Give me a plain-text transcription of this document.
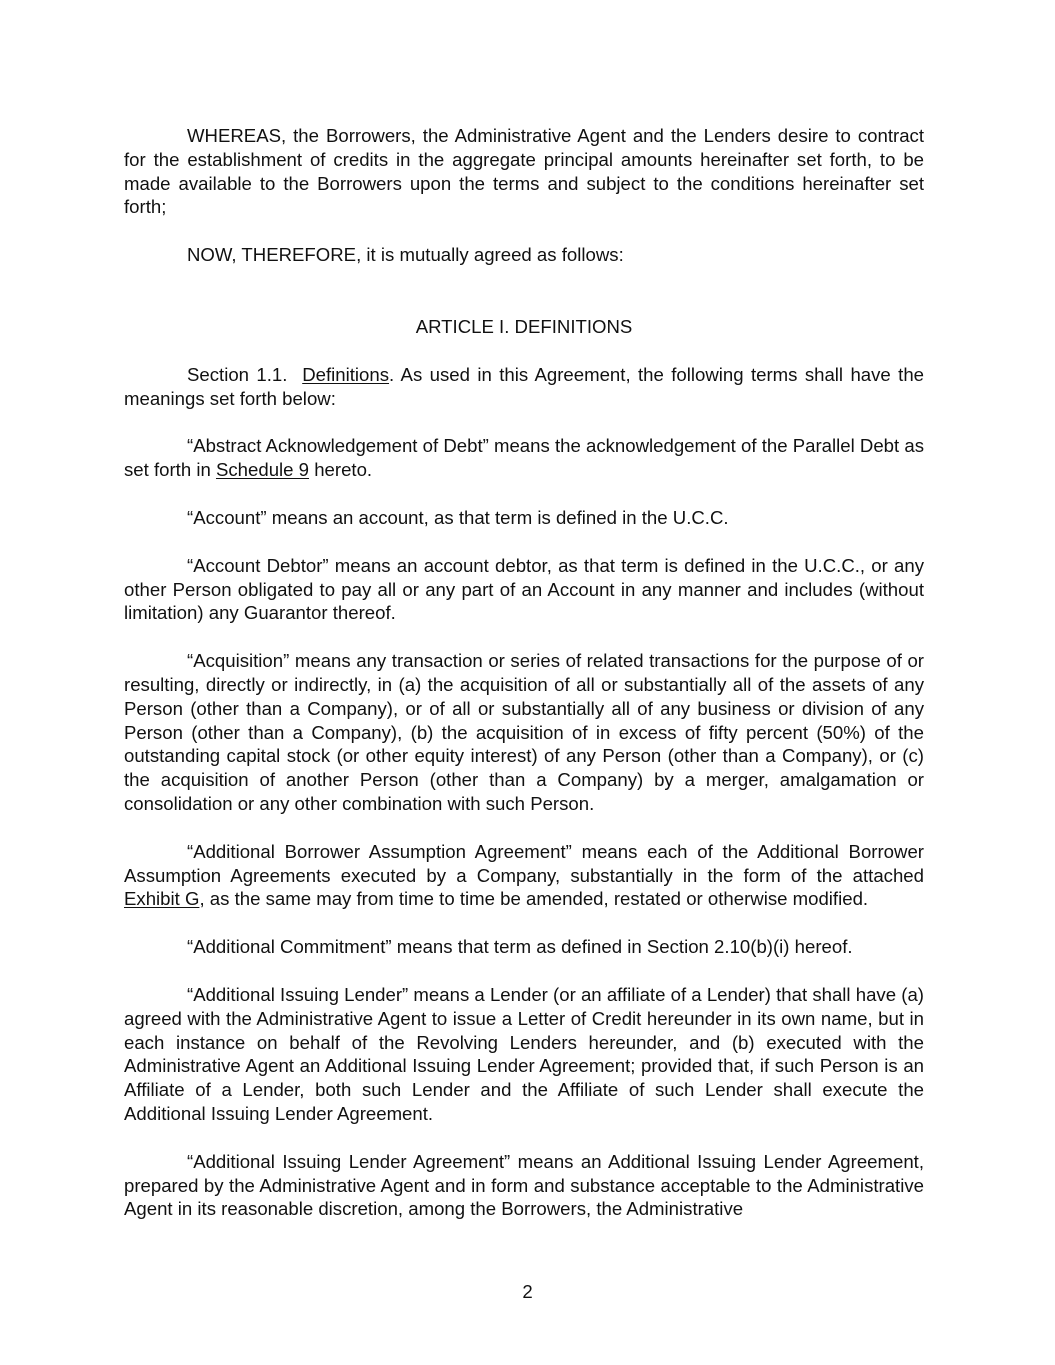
WHEREAS, the Borrowers, the Administrative Agent and the Lenders desire to contract for the establishment of credits in the aggregate principal amounts hereinafter set forth, to be made available to the Borrowers upon the terms and subject to the conditions hereinafter set forth;

NOW, THEREFORE, it is mutually agreed as follows:

ARTICLE I. DEFINITIONS

Section 1.1. Definitions. As used in this Agreement, the following terms shall have the meanings set forth below:

“Abstract Acknowledgement of Debt” means the acknowledgement of the Parallel Debt as set forth in Schedule 9 hereto.

“Account” means an account, as that term is defined in the U.C.C.

“Account Debtor” means an account debtor, as that term is defined in the U.C.C., or any other Person obligated to pay all or any part of an Account in any manner and includes (without limitation) any Guarantor thereof.

“Acquisition” means any transaction or series of related transactions for the purpose of or resulting, directly or indirectly, in (a) the acquisition of all or substantially all of the assets of any Person (other than a Company), or of all or substantially all of any business or division of any Person (other than a Company), (b) the acquisition of in excess of fifty percent (50%) of the outstanding capital stock (or other equity interest) of any Person (other than a Company), or (c) the acquisition of another Person (other than a Company) by a merger, amalgamation or consolidation or any other combination with such Person.

“Additional Borrower Assumption Agreement” means each of the Additional Borrower Assumption Agreements executed by a Company, substantially in the form of the attached Exhibit G, as the same may from time to time be amended, restated or otherwise modified.

“Additional Commitment” means that term as defined in Section 2.10(b)(i) hereof.

“Additional Issuing Lender” means a Lender (or an affiliate of a Lender) that shall have (a) agreed with the Administrative Agent to issue a Letter of Credit hereunder in its own name, but in each instance on behalf of the Revolving Lenders hereunder, and (b) executed with the Administrative Agent an Additional Issuing Lender Agreement; provided that, if such Person is an Affiliate of a Lender, both such Lender and the Affiliate of such Lender shall execute the Additional Issuing Lender Agreement.

“Additional Issuing Lender Agreement” means an Additional Issuing Lender Agreement, prepared by the Administrative Agent and in form and substance acceptable to the Administrative Agent in its reasonable discretion, among the Borrowers, the Administrative

2
